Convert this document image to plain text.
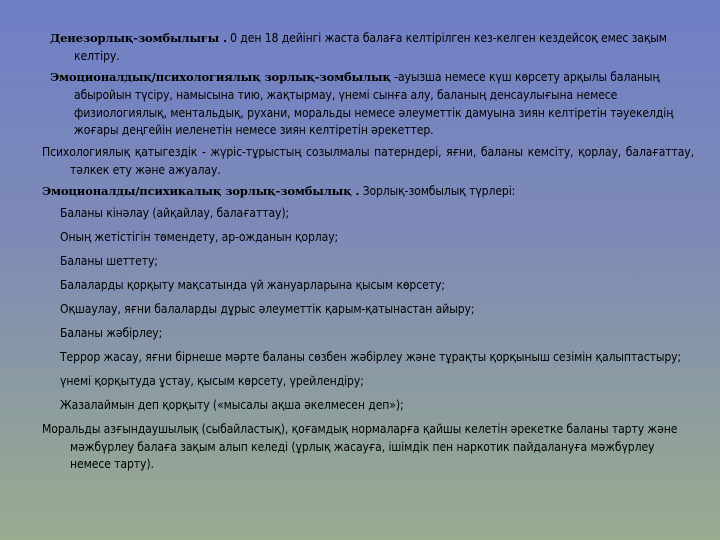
Денезорлық-зомбылығы . 0 ден 18 дейінгі жаста балаға келтірілген кез-келген кездейсоқ емес зақым келтіру.

Эмоционалдық/психологиялық зорлық-зомбылық -ауызша немесе күш көрсету арқылы баланың абыройын түсіру, намысына тию, жақтырмау, үнемі сынға алу, баланың денсаулығына немесе физиологиялық, ментальдық, рухани, моральды немесе әлеуметтік дамуына зиян келтіретін тәуекелдің жоғары деңгейін иеленетін немесе зиян келтіретін әрекеттер.

Психологиялық қатыгездік - жүріс-тұрыстың созылмалы патерндері, яғни, баланы кемсіту, қорлау, балағаттау, тәлкек ету және ажуалау.

Эмоционалды/психикалық зорлық-зомбылық . Зорлық-зомбылық түрлері:

Баланы кінәлау (айқайлау, балағаттау);

Оның жетістігін төмендету, ар-ожданын қорлау;

Баланы шеттету;

Балаларды қорқыту мақсатында үй жануарларына қысым көрсету;

Оқшаулау, яғни балаларды дұрыс әлеуметтік қарым-қатынастан айыру;

Баланы жәбірлеу;

Террор жасау, яғни бірнеше мәрте баланы сөзбен жәбірлеу және тұрақты қорқыныш сезімін қалыптастыру;

үнемі қорқытуда ұстау, қысым көрсету, үрейлендіру;

Жазалаймын деп қорқыту («мысалы ақша әкелмесен деп»);

Моральды азғындаушылық (сыбайластық), қоғамдық нормаларға қайшы келетін әрекетке баланы тарту және мәжбүрлеу балаға зақым алып келеді (ұрлық жасауға, ішімдік пен наркотик пайдалануға мәжбүрлеу немесе тарту).
